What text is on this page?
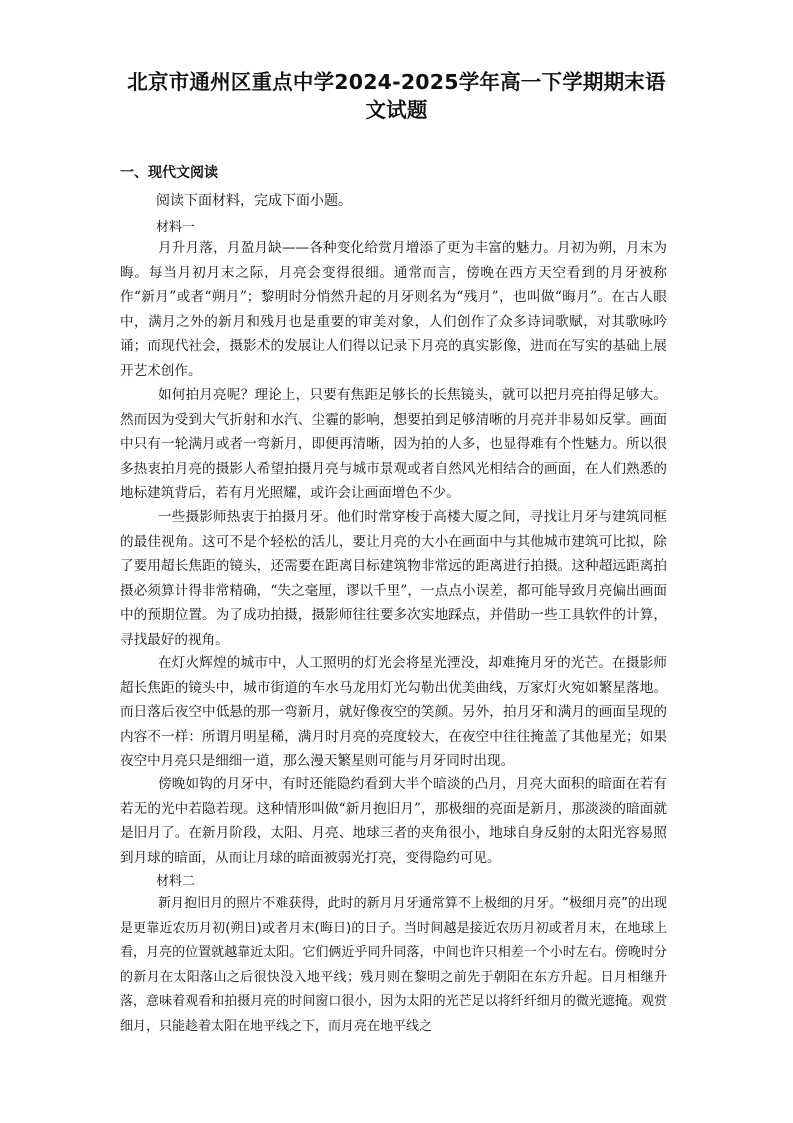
北京市通州区重点中学2024-2025学年高一下学期期末语
文试题
一、现代文阅读
阅读下面材料，完成下面小题。
材料一

月升月落，月盈月缺——各种变化给赏月增添了更为丰富的魅力。月初为朔，月末为晦。每当月初月末之际，月亮会变得很细。通常而言，傍晚在西方天空看到的月牙被称作“新月”或者“朔月”；黎明时分悄然升起的月牙则名为“残月”，也叫做“晦月”。在古人眼中，满月之外的新月和残月也是重要的审美对象，人们创作了众多诗词歌赋，对其歌咏吟诵；而现代社会，摄影术的发展让人们得以记录下月亮的真实影像，进而在写实的基础上展开艺术创作。

如何拍月亮呢？理论上，只要有焦距足够长的长焦镜头，就可以把月亮拍得足够大。然而因为受到大气折射和水汽、尘霾的影响，想要拍到足够清晰的月亮并非易如反掌。画面中只有一轮满月或者一弯新月，即便再清晰，因为拍的人多，也显得难有个性魅力。所以很多热衷拍月亮的摄影人希望拍摄月亮与城市景观或者自然风光相结合的画面，在人们熟悉的地标建筑背后，若有月光照耀，或许会让画面增色不少。

一些摄影师热衷于拍摄月牙。他们时常穿梭于高楼大厦之间，寻找让月牙与建筑同框的最佳视角。这可不是个轻松的活儿，要让月亮的大小在画面中与其他城市建筑可比拟，除了要用超长焦距的镜头，还需要在距离目标建筑物非常远的距离进行拍摄。这种超远距离拍摄必须算计得非常精确，“失之毫厘，谬以千里”，一点点小误差，都可能导致月亮偏出画面中的预期位置。为了成功拍摄，摄影师往往要多次实地踩点，并借助一些工具软件的计算，寻找最好的视角。

在灯火辉煌的城市中，人工照明的灯光会将星光湮没，却难掩月牙的光芒。在摄影师超长焦距的镜头中，城市街道的车水马龙用灯光勾勒出优美曲线，万家灯火宛如繁星落地。而日落后夜空中低悬的那一弯新月，就好像夜空的笑颜。另外，拍月牙和满月的画面呈现的内容不一样：所谓月明星稀，满月时月亮的亮度较大，在夜空中往往掩盖了其他星光；如果夜空中月亮只是细细一道，那么漫天繁星则可能与月牙同时出现。

傍晚如钩的月牙中，有时还能隐约看到大半个暗淡的凸月，月亮大面积的暗面在若有若无的光中若隐若现。这种情形叫做“新月抱旧月”，那极细的亮面是新月，那淡淡的暗面就是旧月了。在新月阶段，太阳、月亮、地球三者的夹角很小，地球自身反射的太阳光容易照到月球的暗面，从而让月球的暗面被弱光打亮，变得隐约可见。

材料二

新月抱旧月的照片不难获得，此时的新月月牙通常算不上极细的月牙。“极细月亮”的出现是更靠近农历月初(朔日)或者月末(晦日)的日子。当时间越是接近农历月初或者月末，在地球上看，月亮的位置就越靠近太阳。它们俩近乎同升同落，中间也许只相差一个小时左右。傍晚时分的新月在太阳落山之后很快没入地平线；残月则在黎明之前先于朝阳在东方升起。日月相继升落，意味着观看和拍摄月亮的时间窗口很小，因为太阳的光芒足以将纤纤细月的微光遮掩。观赏细月，只能趁着太阳在地平线之下，而月亮在地平线之
